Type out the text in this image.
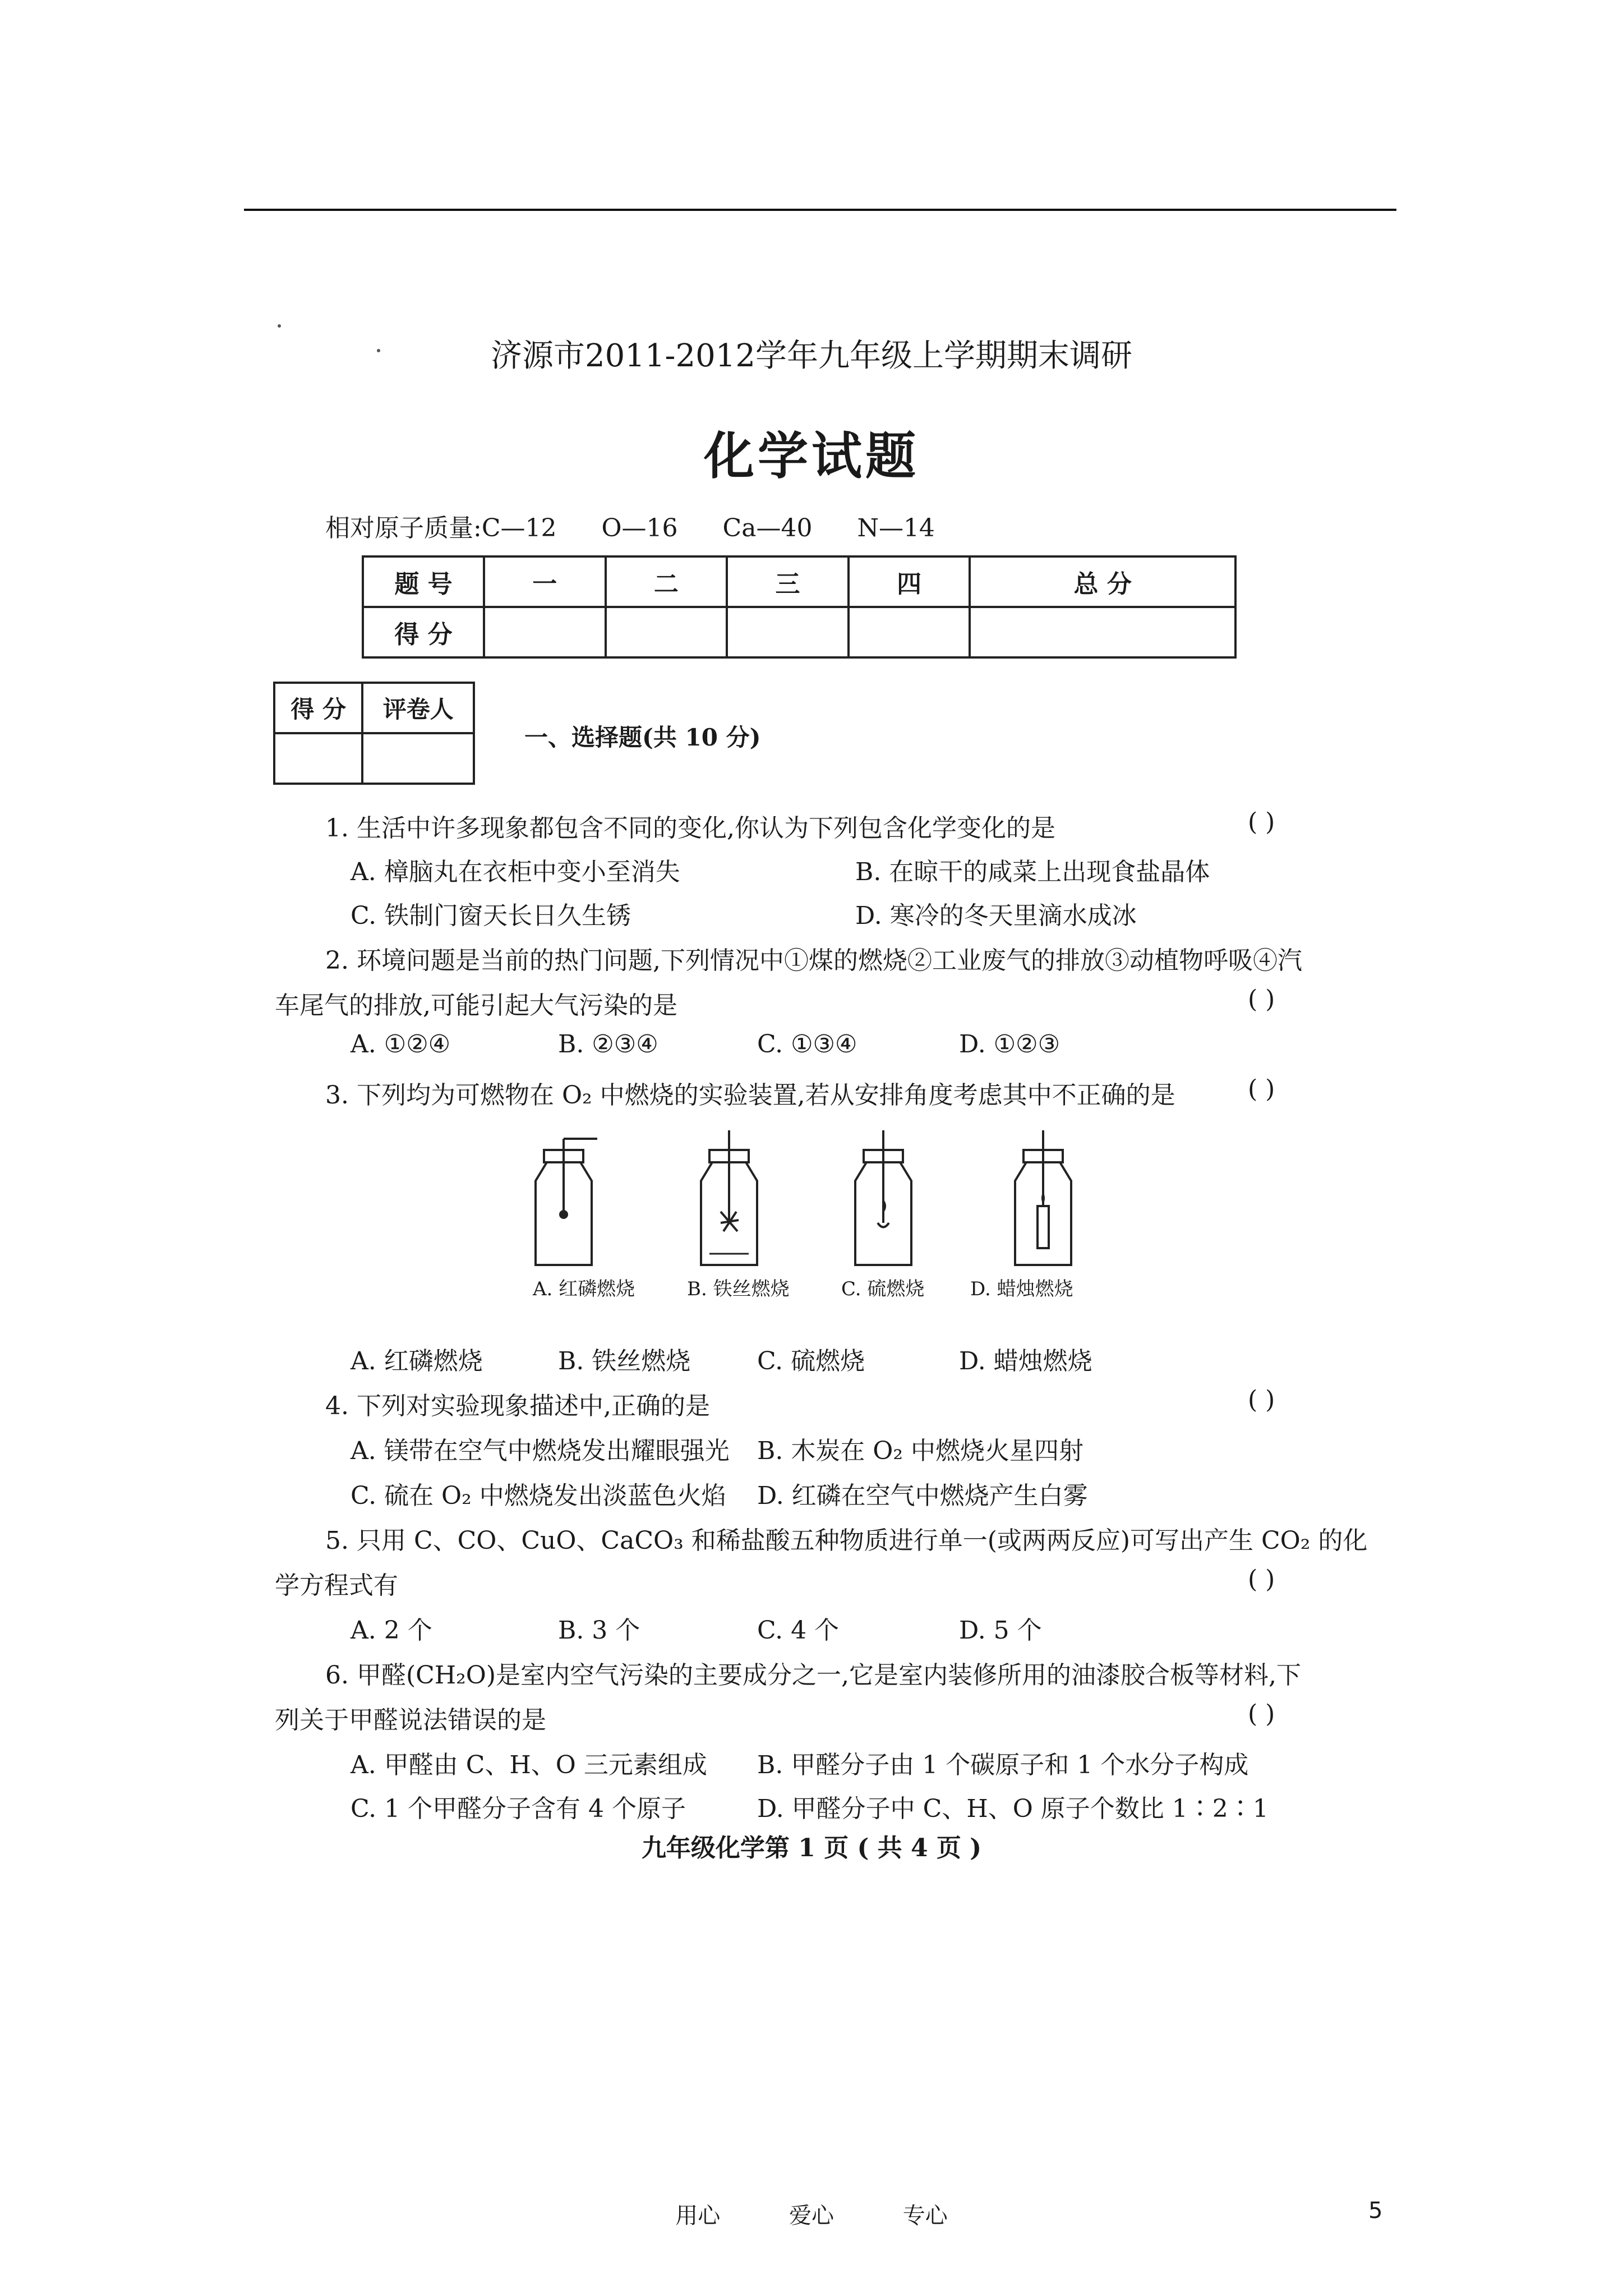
济源市2011-2012学年九年级上学期期末调研
化学试题
相对原子质量:C—12 O—16 Ca—40 N—14
题 号	一	二	三	四	总 分
得 分					
得 分	评卷人

一、选择题(共 10 分)
1. 生活中许多现象都包含不同的变化,你认为下列包含化学变化的是	( )
A. 樟脑丸在衣柜中变小至消失	B. 在晾干的咸菜上出现食盐晶体
C. 铁制门窗天长日久生锈	D. 寒冷的冬天里滴水成冰
2. 环境问题是当前的热门问题,下列情况中①煤的燃烧②工业废气的排放③动植物呼吸④汽
车尾气的排放,可能引起大气污染的是	( )
A. ①②④	B. ②③④	C. ①③④	D. ①②③
3. 下列均为可燃物在 O₂ 中燃烧的实验装置,若从安排角度考虑其中不正确的是	( )
A. 红磷燃烧	B. 铁丝燃烧	C. 硫燃烧 D. 蜡烛燃烧
A. 红磷燃烧	B. 铁丝燃烧	C. 硫燃烧	D. 蜡烛燃烧
4. 下列对实验现象描述中,正确的是	( )
A. 镁带在空气中燃烧发出耀眼强光 B. 木炭在 O₂ 中燃烧火星四射
C. 硫在 O₂ 中燃烧发出淡蓝色火焰 D. 红磷在空气中燃烧产生白雾
5. 只用 C、CO、CuO、CaCO₃ 和稀盐酸五种物质进行单一(或两两反应)可写出产生 CO₂ 的化
学方程式有	( )
A. 2 个	B. 3 个	C. 4 个	D. 5 个
6. 甲醛(CH₂O)是室内空气污染的主要成分之一,它是室内装修所用的油漆胶合板等材料,下
列关于甲醛说法错误的是	( )
A. 甲醛由 C、H、O 三元素组成 B. 甲醛分子由 1 个碳原子和 1 个水分子构成
C. 1 个甲醛分子含有 4 个原子	D. 甲醛分子中 C、H、O 原子个数比 1∶2∶1
九年级化学第 1 页 ( 共 4 页 )
用心	爱心	专心	5
